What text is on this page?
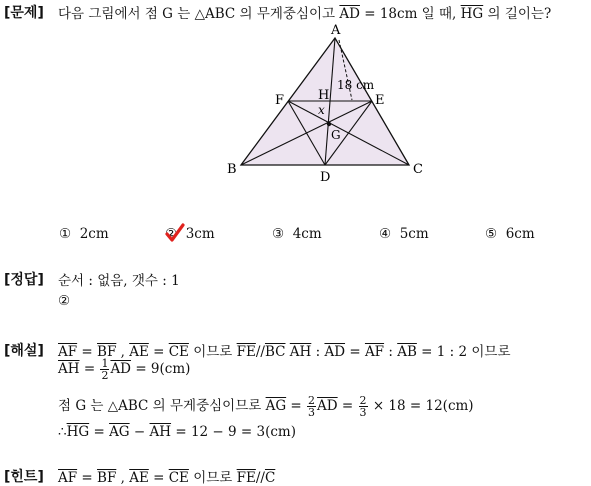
[문제] 다음 그림에서 점 G 는 △ABC 의 무게중심이고 $\overline{AD} = 18cm$ 일 때, $\overline{HG}$ 의 길이는?
A
B	C
D
E
F
G
H
x
18 cm
① 2cm	② 3cm	③ 4cm	④ 5cm	⑤ 6cm
[정답] 순서 : 없음, 갯수 : 1
②
[해설] $\overline{AF} = \overline{BF}$ , $\overline{AE} = \overline{CE}$ 이므로 $\overline{FE}//\overline{BC}$ $\overline{AH}$ : $\overline{AD} = \overline{AF}$ : $\overline{AB} = 1$ : 2 이므로
$\overline{AH} = \frac{1}{2} \overline{AD} = 9(cm)$
점 G 는 △ABC 의 무게중심이므로 $\overline{AG} = \frac{2}{3} \overline{AD} = \frac{2}{3} \times 18 = 12(cm)$
$\therefore\overline{HG} = \overline{AG} - \overline{AH} = 12 - 9 = 3(cm)$
[힌트] $\overline{AF} = \overline{BF}$ , $\overline{AE} = \overline{CE}$ 이므로 $\overline{FE}//\overline{C}$
